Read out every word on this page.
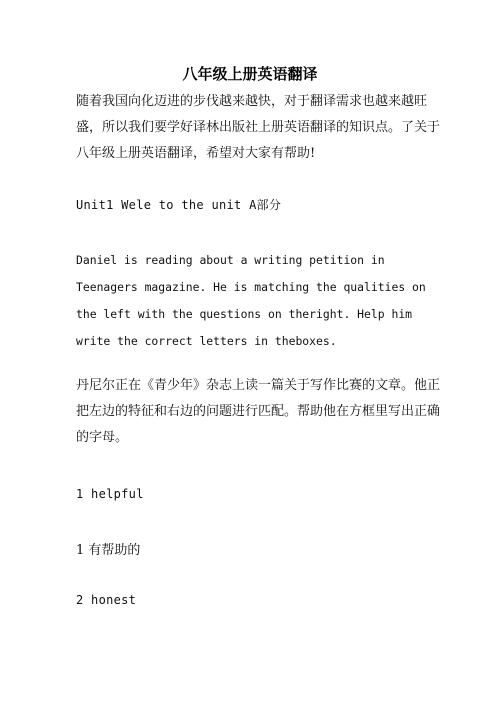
八年级上册英语翻译
随着我国向化迈进的步伐越来越快，对于翻译需求也越来越旺盛，所以我们要学好译林出版社上册英语翻译的知识点。了关于八年级上册英语翻译，希望对大家有帮助!
Unit1 Wele to the unit A部分
Daniel is reading about a writing petition in Teenagers magazine. He is matching the qualities on the left with the questions on theright. Help him write the correct letters in theboxes.
丹尼尔正在《青少年》杂志上读一篇关于写作比赛的文章。他正把左边的特征和右边的问题进行匹配。帮助他在方框里写出正确的字母。
1 helpful
1 有帮助的
2 honest
